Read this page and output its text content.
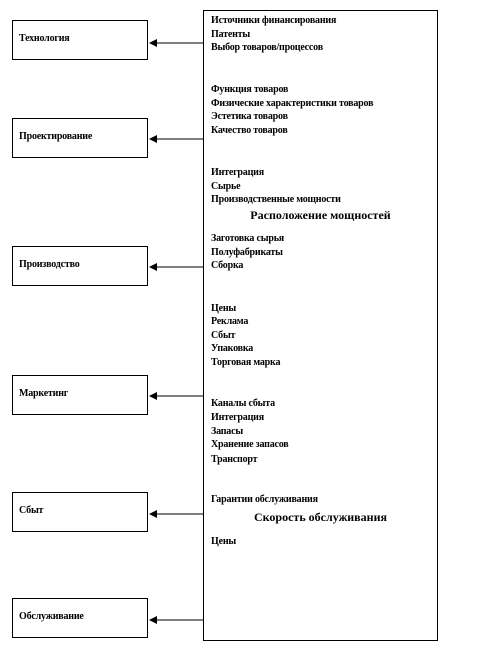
Технология
Проектирование
Производство
Маркетинг
Сбыт
Обслуживание
Источники финансирования
Патенты
Выбор товаров/процессов
Функция товаров
Физические характеристики товаров
Эстетика товаров
Качество товаров
Интеграция
Сырье
Производственные мощности
Расположение мощностей
Заготовка сырья
Полуфабрикаты
Сборка
Цены
Реклама
Сбыт
Упаковка
Торговая марка
Каналы сбыта
Интеграция
Запасы
Хранение запасов
Транспорт
Гарантии обслуживания
Скорость обслуживания
Цены
